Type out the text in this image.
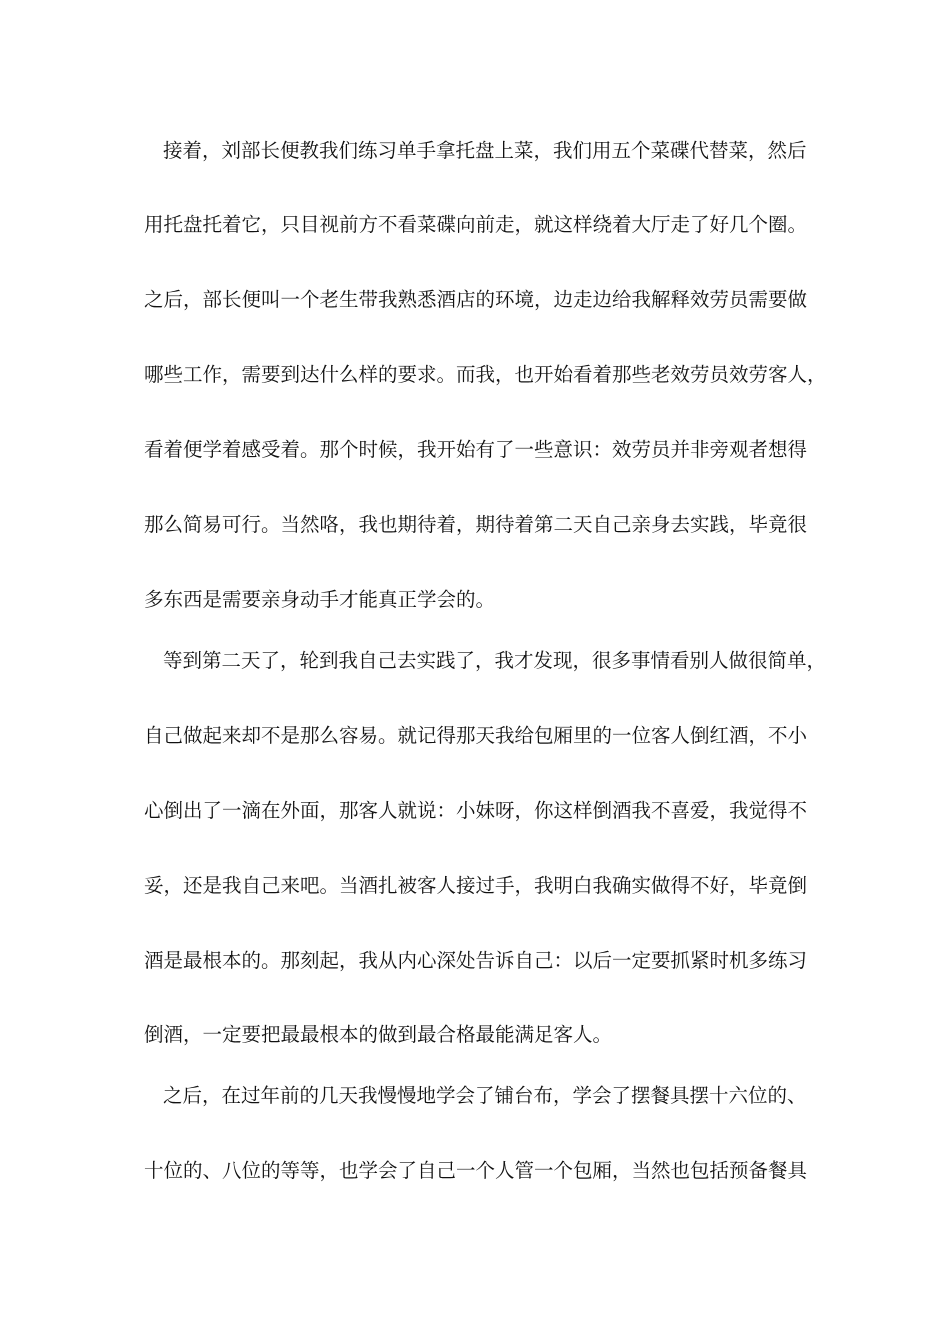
接着，刘部长便教我们练习单手拿托盘上菜，我们用五个菜碟代替菜，然后
用托盘托着它，只目视前方不看菜碟向前走，就这样绕着大厅走了好几个圈。
之后，部长便叫一个老生带我熟悉酒店的环境，边走边给我解释效劳员需要做
哪些工作，需要到达什么样的要求。而我，也开始看着那些老效劳员效劳客人，
看着便学着感受着。那个时候，我开始有了一些意识：效劳员并非旁观者想得
那么简易可行。当然咯，我也期待着，期待着第二天自己亲身去实践，毕竟很
多东西是需要亲身动手才能真正学会的。
等到第二天了，轮到我自己去实践了，我才发现，很多事情看别人做很简单，
自己做起来却不是那么容易。就记得那天我给包厢里的一位客人倒红酒，不小
心倒出了一滴在外面，那客人就说：小妹呀，你这样倒酒我不喜爱，我觉得不
妥，还是我自己来吧。当酒扎被客人接过手，我明白我确实做得不好，毕竟倒
酒是最根本的。那刻起，我从内心深处告诉自己：以后一定要抓紧时机多练习
倒酒，一定要把最最根本的做到最合格最能满足客人。
之后，在过年前的几天我慢慢地学会了铺台布，学会了摆餐具摆十六位的、
十位的、八位的等等，也学会了自己一个人管一个包厢，当然也包括预备餐具
